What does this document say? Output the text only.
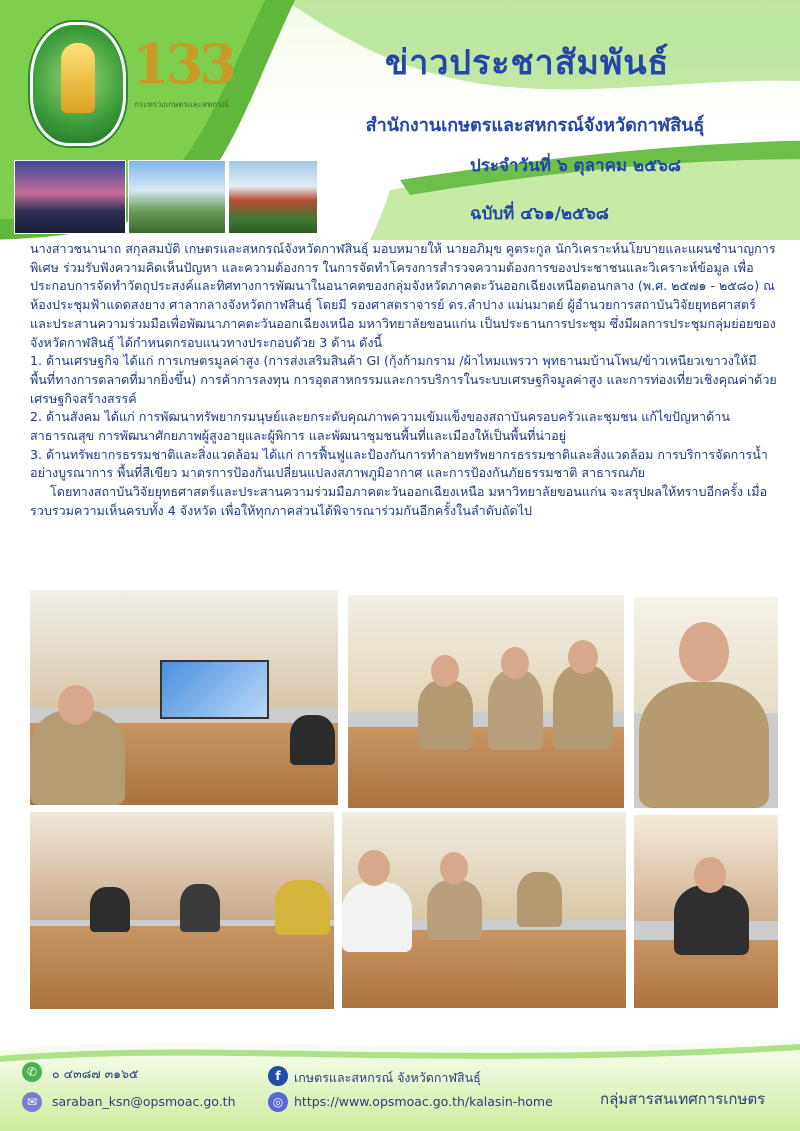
133
กระทรวงเกษตรและสหกรณ์
ข่าวประชาสัมพันธ์
สำนักงานเกษตรและสหกรณ์จังหวัดกาฬสินธุ์
ประจำวันที่ ๖ ตุลาคม ๒๕๖๘
ฉบับที่ ๔๖๑/๒๕๖๘

นางสาวชนานาถ สกุลสมบัติ เกษตรและสหกรณ์จังหวัดกาฬสินธุ์ มอบหมายให้ นายอภิมุข คูตระกูล นักวิเคราะห์นโยบายและแผนชำนาญการพิเศษ ร่วมรับฟังความคิดเห็นปัญหา และความต้องการ ในการจัดทำโครงการสำรวจความต้องการของประชาชนและวิเคราะห์ข้อมูล เพื่อประกอบการจัดทำวัตถุประสงค์และทิศทางการพัฒนาในอนาคตของกลุ่มจังหวัดภาคตะวันออกเฉียงเหนือตอนกลาง (พ.ศ. ๒๕๗๑ - ๒๕๘๐) ณ ห้องประชุมฟ้าแดดสงยาง ศาลากลางจังหวัดกาฬสินธุ์ โดยมี รองศาสตราจารย์ ดร.ลำปาง แม่นมาตย์ ผู้อำนวยการสถาบันวิจัยยุทธศาสตร์และประสานความร่วมมือเพื่อพัฒนาภาคตะวันออกเฉียงเหนือ มหาวิทยาลัยขอนแก่น เป็นประธานการประชุม ซึ่งมีผลการประชุมกลุ่มย่อยของจังหวัดกาฬสินธุ์ ได้กำหนดกรอบแนวทางประกอบด้วย 3 ด้าน ดังนี้

1. ด้านเศรษฐกิจ ได้แก่ การเกษตรมูลค่าสูง (การส่งเสริมสินค้า GI (กุ้งก้ามกราม /ผ้าไหมแพรวา พุทธานมบ้านโพน/ข้าวเหนียวเขาวงให้มีพื้นที่ทางการตลาดที่มากยิ่งขึ้น) การค้าการลงทุน การอุตสาหกรรมและการบริการในระบบเศรษฐกิจมูลค่าสูง และการท่องเที่ยวเชิงคุณค่าด้วยเศรษฐกิจสร้างสรรค์

2. ด้านสังคม ได้แก่ การพัฒนาทรัพยากรมนุษย์และยกระดับคุณภาพความเข้มแข็งของสถาบันครอบครัวและชุมชน แก้ไขปัญหาด้านสาธารณสุข การพัฒนาศักยภาพผู้สูงอายุและผู้พิการ และพัฒนาชุมชนพื้นที่และเมืองให้เป็นพื้นที่น่าอยู่

3. ด้านทรัพยากรธรรมชาติและสิ่งแวดล้อม ได้แก่ การฟื้นฟูและป้องกันการทำลายทรัพยากรธรรมชาติและสิ่งแวดล้อม การบริการจัดการน้ำอย่างบูรณาการ พื้นที่สีเขียว มาตรการป้องกันเปลี่ยนแปลงสภาพภูมิอากาศ และการป้องกันภัยธรรมชาติ สาธารณภัย

โดยทางสถาบันวิจัยยุทธศาสตร์และประสานความร่วมมือภาคตะวันออกเฉียงเหนือ มหาวิทยาลัยขอนแก่น จะสรุปผลให้ทราบอีกครั้ง เมื่อรวบรวมความเห็นครบทั้ง 4 จังหวัด เพื่อให้ทุกภาคส่วนได้พิจารณาร่วมกันอีกครั้งในลำดับถัดไป

✆	๐ ๔๓๘๗ ๓๑๖๕
✉	saraban_ksn@opsmoac.go.th
f	เกษตรและสหกรณ์ จังหวัดกาฬสินธุ์
◎ https://www.opsmoac.go.th/kalasin-home	กลุ่มสารสนเทศการเกษตร
